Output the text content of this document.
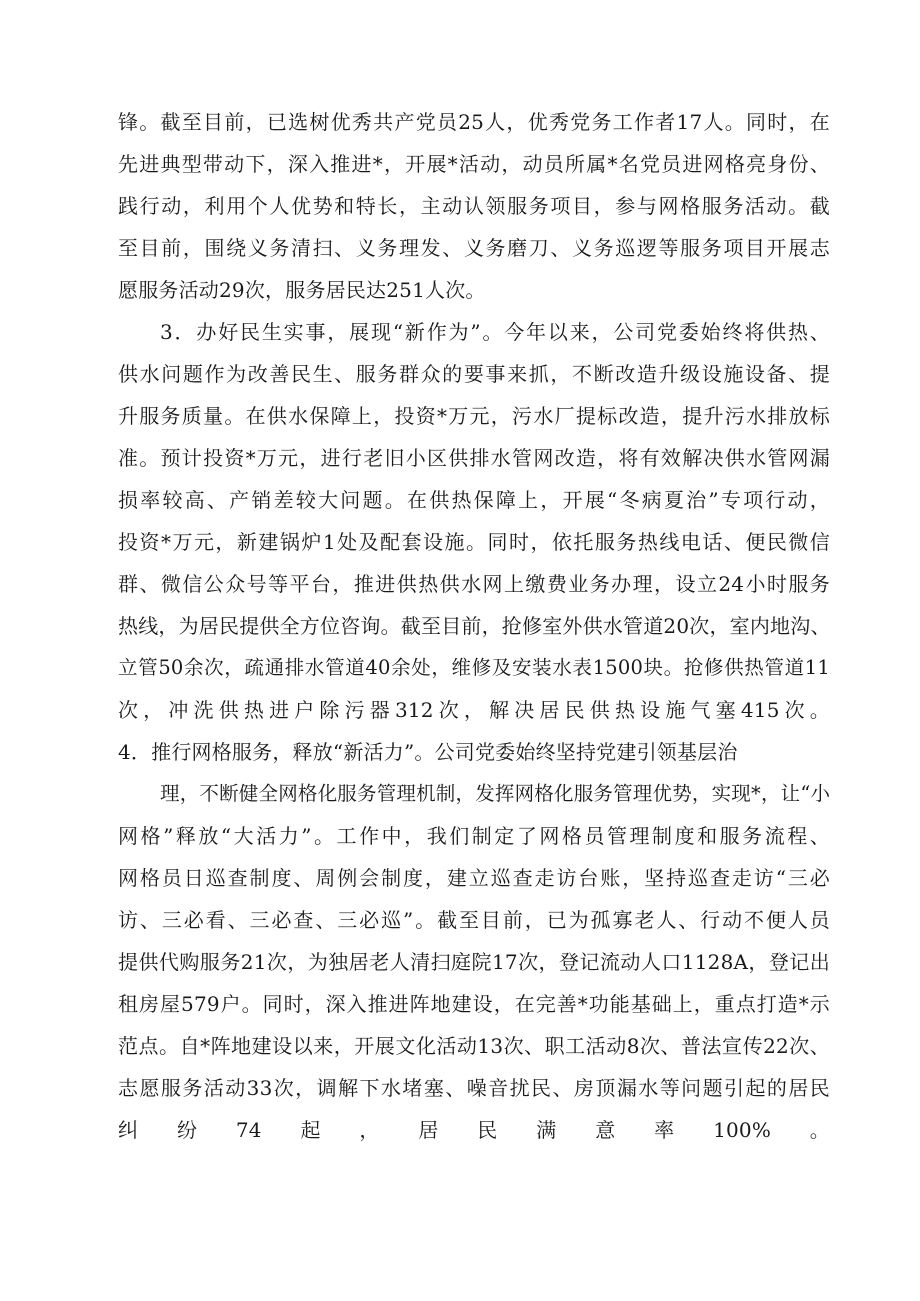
锋。截至目前，已选树优秀共产党员25人，优秀党务工作者17人。同时，在
先进典型带动下，深入推进*，开展*活动，动员所属*名党员进网格亮身份、
践行动，利用个人优势和特长，主动认领服务项目，参与网格服务活动。截
至目前，围绕义务清扫、义务理发、义务磨刀、义务巡逻等服务项目开展志
愿服务活动29次，服务居民达251人次。
3．办好民生实事，展现“新作为”。今年以来，公司党委始终将供热、
供水问题作为改善民生、服务群众的要事来抓，不断改造升级设施设备、提
升服务质量。在供水保障上，投资*万元，污水厂提标改造，提升污水排放标
准。预计投资*万元，进行老旧小区供排水管网改造，将有效解决供水管网漏
损率较高、产销差较大问题。在供热保障上，开展“冬病夏治”专项行动，
投资*万元，新建锅炉1处及配套设施。同时，依托服务热线电话、便民微信
群、微信公众号等平台，推进供热供水网上缴费业务办理，设立24小时服务
热线，为居民提供全方位咨询。截至目前，抢修室外供水管道20次，室内地沟、
立管50余次，疏通排水管道40余处，维修及安装水表1500块。抢修供热管道11
次，冲洗供热进户除污器312次，解决居民供热设施气塞415次。
4．推行网格服务，释放“新活力”。公司党委始终坚持党建引领基层治
理，不断健全网格化服务管理机制，发挥网格化服务管理优势，实现*，让“小
网格”释放“大活力”。工作中，我们制定了网格员管理制度和服务流程、
网格员日巡查制度、周例会制度，建立巡查走访台账，坚持巡查走访“三必
访、三必看、三必查、三必巡”。截至目前，已为孤寡老人、行动不便人员
提供代购服务21次，为独居老人清扫庭院17次，登记流动人口1128A，登记出
租房屋579户。同时，深入推进阵地建设，在完善*功能基础上，重点打造*示
范点。自*阵地建设以来，开展文化活动13次、职工活动8次、普法宣传22次、
志愿服务活动33次，调解下水堵塞、噪音扰民、房顶漏水等问题引起的居民
纠纷74起，居民满意率100%。
